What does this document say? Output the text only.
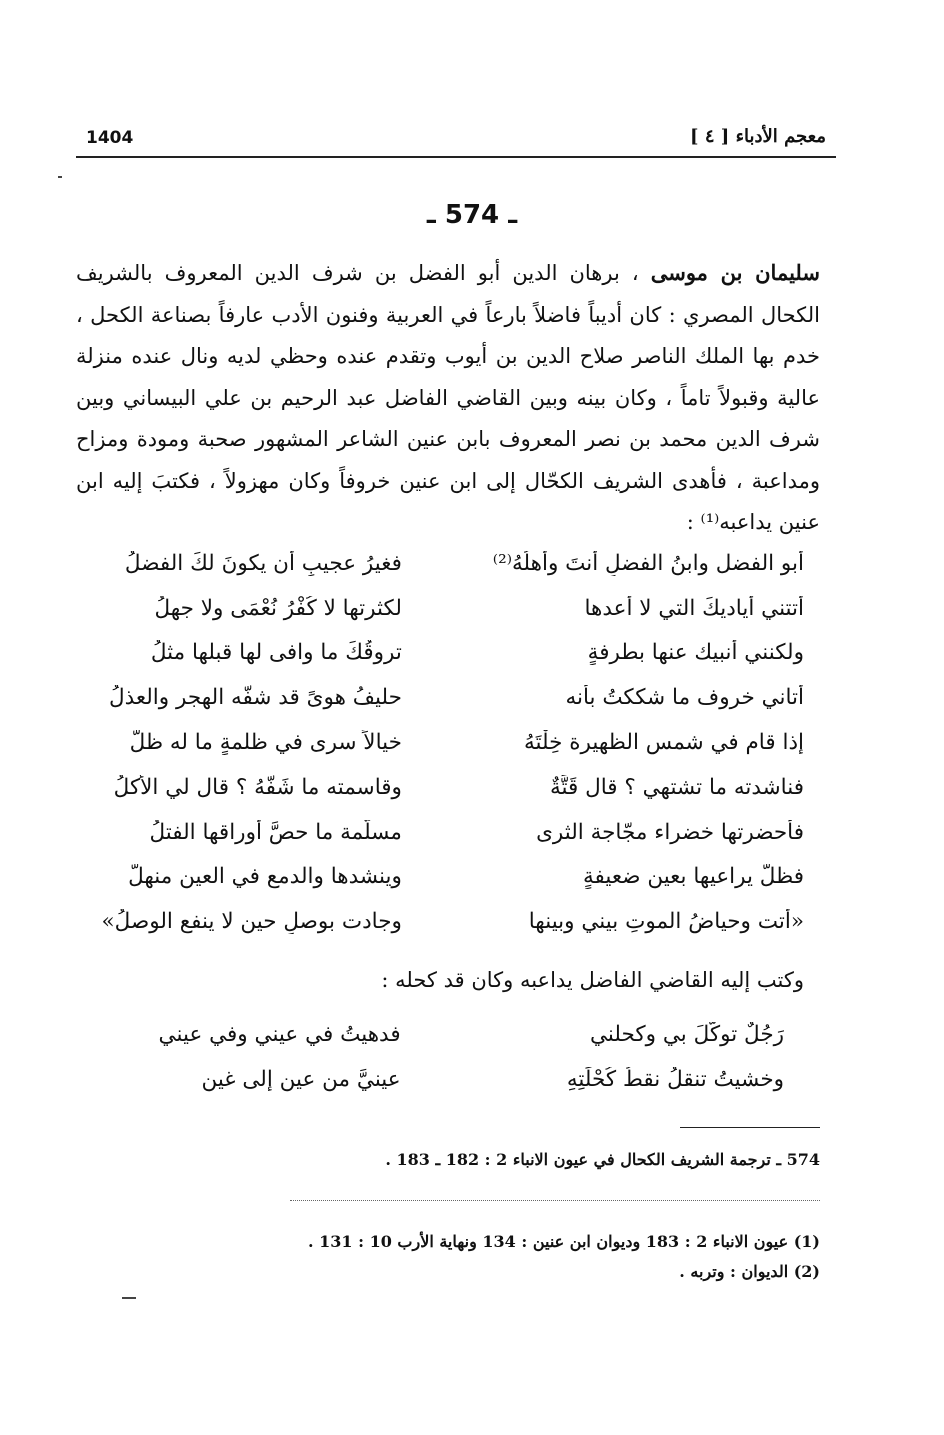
1404	معجم الأدباء [ ٤ ]
ـ 574 ـ

سليمان بن موسى ، برهان الدين أبو الفضل بن شرف الدين المعروف بالشريف الكحال المصري : كان أديباً فاضلاً بارعاً في العربية وفنون الأدب عارفاً بصناعة الكحل ، خدم بها الملك الناصر صلاح الدين بن أيوب وتقدم عنده وحظي لديه ونال عنده منزلة عالية وقبولاً تاماً ، وكان بينه وبين القاضي الفاضل عبد الرحيم بن علي البيساني وبين شرف الدين محمد بن نصر المعروف بابن عنين الشاعر المشهور صحبة ومودة ومزاح ومداعبة ، فأهدى الشريف الكحّال إلى ابن عنين خروفاً وكان مهزولاً ، فكتبَ إليه ابن عنين يداعبه⁽¹⁾ :

أبو الفضل وابنُ الفضلِ أنتَ وأهلُهُ⁽²⁾
فغيرُ عجيبٍ أن يكونَ لكَ الفضلُ
أتتني أياديكَ التي لا أعدها
لكثرتها لا كُفْرُ نُعْمَى ولا جهلُ
ولكنني أنبيك عنها بطرفةٍ
تروقُكَ ما وافى لها قبلها مثلُ
أتاني خروف ما شككتُ بأنه
حليفُ هوىً قد شفَّه الهجر والعذلُ
إذا قام في شمسِ الظهيرة خِلْتَهُ
خيالاً سرى في ظلمةٍ ما له ظلُّ
فناشدته ما تشتهي ؟ قال قَتَّةٌ
وقاسمته ما شَفَّهُ ؟ قال لي الأكلُ
فأحضرتها خضراء مجّاجة الثرى
مسلَّمة ما حصَّ أوراقها الفتلُ
فظلَّ يراعيها بعينٍ ضعيفةٍ
وينشدها والدمع في العين منهلُّ
«أتت وحياضُ الموتِ بيني وبينها
وجادت بوصلٍ حين لا ينفع الوصلُ»
وكتب إليه القاضي الفاضل يداعبه وكان قد كحله :
رَجُلٌ توكَّلَ بي وكحلني
فدهيتُ في عيني وفي عيني
وخشيتُ تنقلُ نقطُ كُحْلَتِهِ
عينيَّ من عينٍ إلى غينِ
574 ـ ترجمة الشريف الكحال في عيون الانباء 2 : 182 ـ 183 .
(1) عيون الانباء 2 : 183 وديوان ابن عنين : 134 ونهاية الأرب 10 : 131 .
(2) الديوان : وتربه .
